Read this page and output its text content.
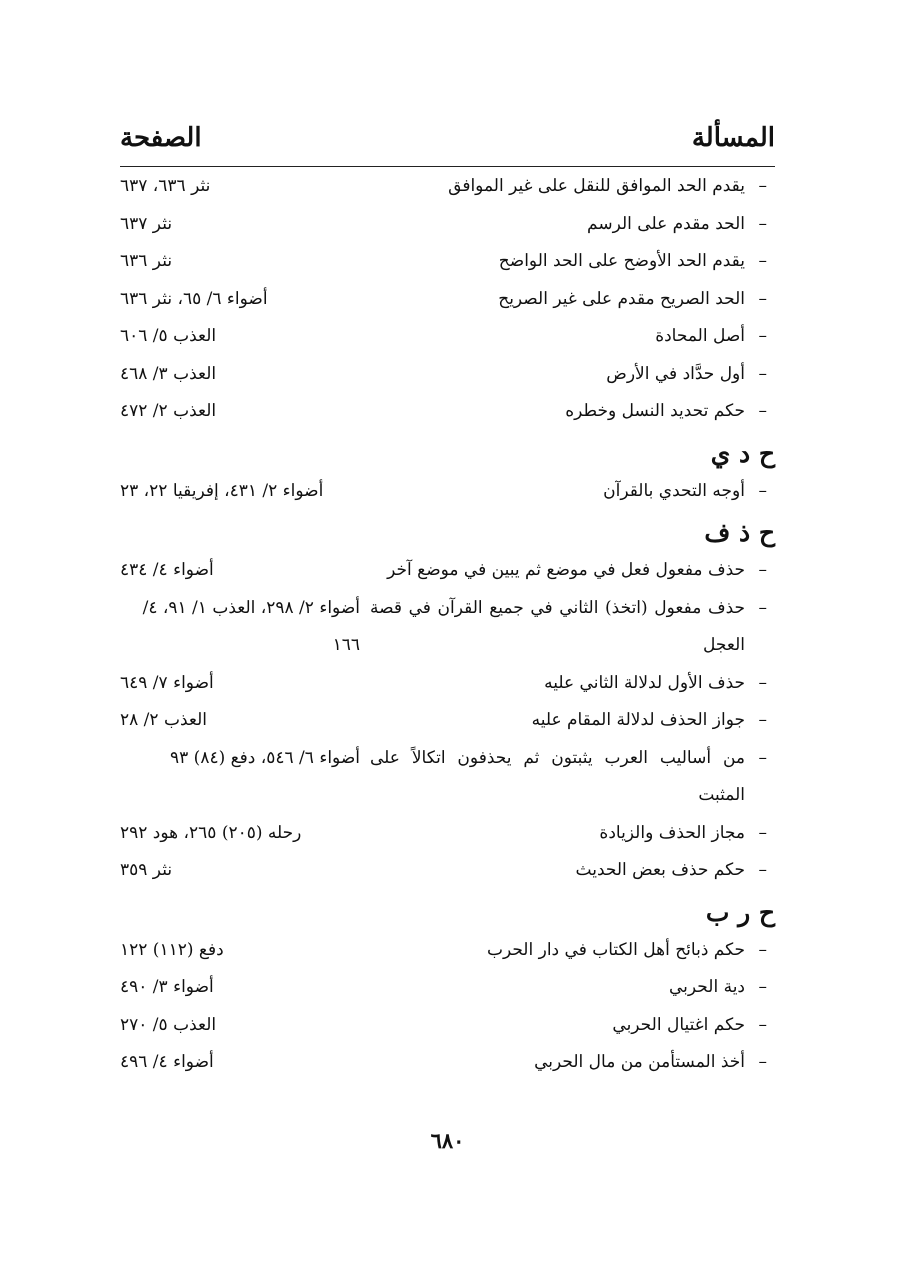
المسألة
الصفحة
–
يقدم الحد الموافق للنقل على غير الموافق
نثر ٦٣٦، ٦٣٧
–
الحد مقدم على الرسم
نثر ٦٣٧
–
يقدم الحد الأوضح على الحد الواضح
نثر ٦٣٦
–
الحد الصريح مقدم على غير الصريح
أضواء ٦/ ٦٥، نثر ٦٣٦
–
أصل المحادة
العذب ٥/ ٦٠٦
–
أول حدَّاد في الأرض
العذب ٣/ ٤٦٨
–
حكم تحديد النسل وخطره
العذب ٢/ ٤٧٢
ح د ي
–
أوجه التحدي بالقرآن
أضواء ٢/ ٤٣١، إفريقيا ٢٢، ٢٣
ح ذ ف
–
حذف مفعول فعل في موضع ثم يبين في موضع آخر
أضواء ٤/ ٤٣٤
–
حذف مفعول (اتخذ) الثاني في جميع القرآن في قصة العجل
أضواء ٢/ ٢٩٨، العذب ١/ ٩١، ٤/ ١٦٦
–
حذف الأول لدلالة الثاني عليه
أضواء ٧/ ٦٤٩
–
جواز الحذف لدلالة المقام عليه
العذب ٢/ ٢٨
–
من أساليب العرب يثبتون ثم يحذفون اتكالاً على المثبت
أضواء ٦/ ٥٤٦، دفع (٨٤) ٩٣
–
مجاز الحذف والزيادة
رحله (٢٠٥) ٢٦٥، هود ٢٩٢
–
حكم حذف بعض الحديث
نثر ٣٥٩
ح ر ب
–
حكم ذبائح أهل الكتاب في دار الحرب
دفع (١١٢) ١٢٢
–
دية الحربي
أضواء ٣/ ٤٩٠
–
حكم اغتيال الحربي
العذب ٥/ ٢٧٠
–
أخذ المستأمن من مال الحربي
أضواء ٤/ ٤٩٦
٦٨٠
